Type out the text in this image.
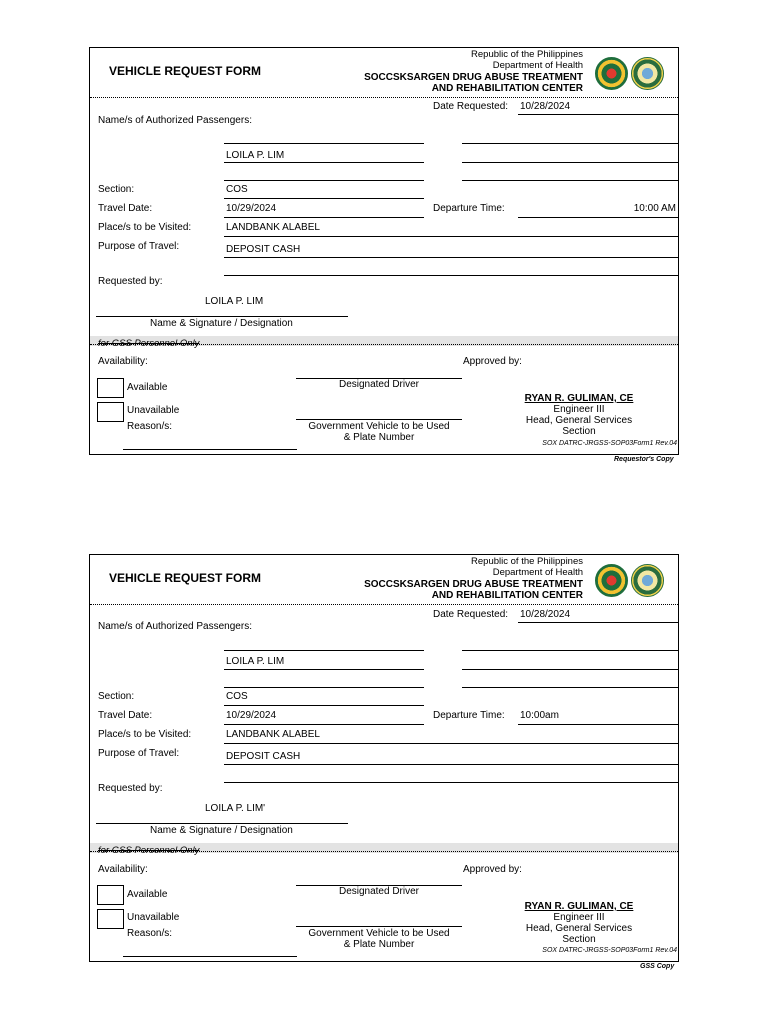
VEHICLE REQUEST FORM
Republic of the Philippines
Department of Health
SOCCSKSARGEN DRUG ABUSE TREATMENT
AND REHABILITATION CENTER
Date Requested: 10/28/2024
Name/s of Authorized Passengers:
LOILA P. LIM
Section:	COS
Travel Date:	10/29/2024	Departure Time:	10:00 AM
Place/s to be Visited:	LANDBANK ALABEL
Purpose of Travel:	DEPOSIT CASH
Requested by:
LOILA P. LIM
Name & Signature / Designation
for GSS Personnel Only
Availability:
Available
Unavailable
Reason/s:
Designated Driver
Government Vehicle to be Used
& Plate Number
Approved by:
RYAN R. GULIMAN, CE
Engineer III
Head, General Services
Section
SOX DATRC-JRGSS-SOP03Form1 Rev.04
Requestor's Copy
VEHICLE REQUEST FORM
Republic of the Philippines
Department of Health
SOCCSKSARGEN DRUG ABUSE TREATMENT
AND REHABILITATION CENTER
Date Requested: 10/28/2024
Name/s of Authorized Passengers:
LOILA P. LIM
Section:	COS
Travel Date:	10/29/2024	Departure Time: 10:00am
Place/s to be Visited:	LANDBANK ALABEL
Purpose of Travel:	DEPOSIT CASH
Requested by:
LOILA P. LIM'
Name & Signature / Designation
for GSS Personnel Only
Availability:
Available
Unavailable
Reason/s:
Designated Driver
Government Vehicle to be Used
& Plate Number
Approved by:
RYAN R. GULIMAN, CE
Engineer III
Head, General Services
Section
SOX DATRC-JRGSS-SOP03Form1 Rev.04
GSS Copy
